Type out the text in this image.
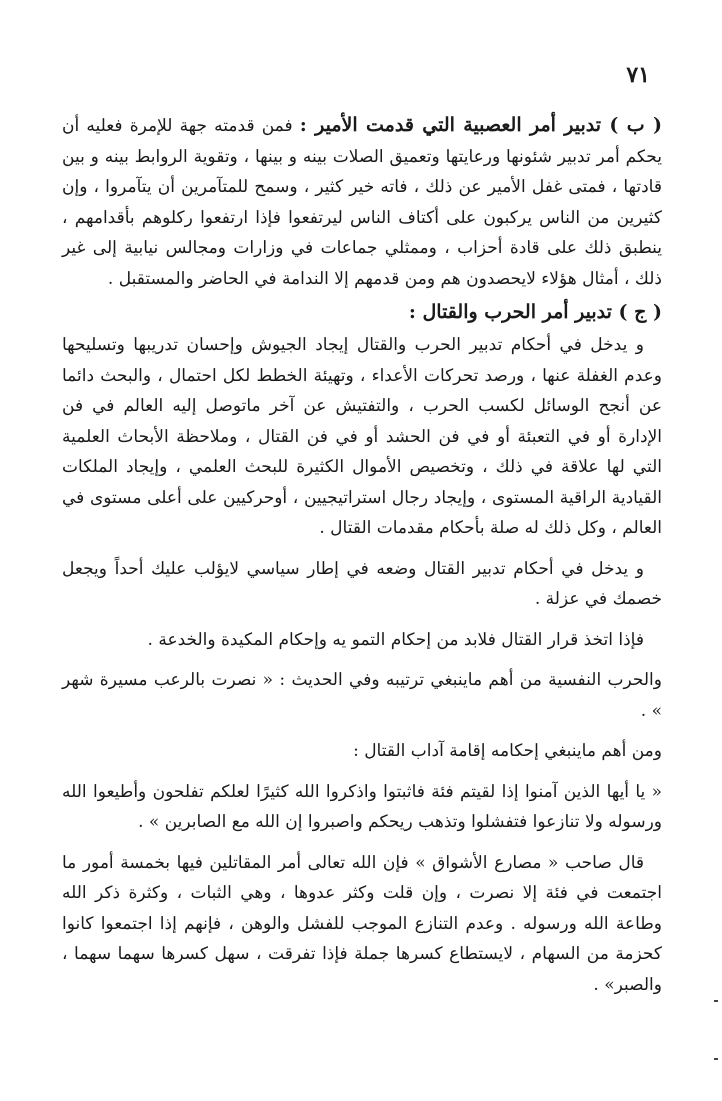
٧١

( ب ) تدبير أمر العصبية التي قدمت الأمير : فمن قدمته جهة للإمرة فعليه أن يحكم أمر تدبير شئونها ورعايتها وتعميق الصلات بينه و بينها ، وتقوية الروابط بينه و بين قادتها ، فمتى غفل الأمير عن ذلك ، فاته خير كثير ، وسمح للمتآمرين أن يتآمروا ، وإن كثيرين من الناس يركبون على أكتاف الناس ليرتفعوا فإذا ارتفعوا ركلوهم بأقدامهم ، ينطبق ذلك على قادة أحزاب ، وممثلي جماعات في وزارات ومجالس نيابية إلى غير ذلك ، أمثال هؤلاء لايحصدون هم ومن قدمهم إلا الندامة في الحاضر والمستقبل .

( ج ) تدبير أمر الحرب والقتال :

و يدخل في أحكام تدبير الحرب والقتال إيجاد الجيوش وإحسان تدريبها وتسليحها وعدم الغفلة عنها ، ورصد تحركات الأعداء ، وتهيئة الخطط لكل احتمال ، والبحث دائما عن أنجح الوسائل لكسب الحرب ، والتفتيش عن آخر ماتوصل إليه العالم في فن الإدارة أو في التعبئة أو في فن الحشد أو في فن القتال ، وملاحظة الأبحاث العلمية التي لها علاقة في ذلك ، وتخصيص الأموال الكثيرة للبحث العلمي ، وإيجاد الملكات القيادية الراقية المستوى ، وإيجاد رجال استراتيجيين ، أوحركيين على أعلى مستوى في العالم ، وكل ذلك له صلة بأحكام مقدمات القتال .

و يدخل في أحكام تدبير القتال وضعه في إطار سياسي لايؤلب عليك أحداً ويجعل خصمك في عزلة .

فإذا اتخذ قرار القتال فلابد من إحكام التمو يه وإحكام المكيدة والخدعة .

والحرب النفسية من أهم ماينبغي ترتيبه وفي الحديث : « نصرت بالرعب مسيرة شهر » .

ومن أهم ماينبغي إحكامه إقامة آداب القتال :

« يا أيها الذين آمنوا إذا لقيتم فئة فاثبتوا واذكروا الله كثيرًا لعلكم تفلحون وأطيعوا الله ورسوله ولا تنازعوا فتفشلوا وتذهب ريحكم واصبروا إن الله مع الصابرين » .

قال صاحب « مصارع الأشواق » فإن الله تعالى أمر المقاتلين فيها بخمسة أمور ما اجتمعت في فئة إلا نصرت ، وإن قلت وكثر عدوها ، وهي الثبات ، وكثرة ذكر الله وطاعة الله ورسوله . وعدم التنازع الموجب للفشل والوهن ، فإنهم إذا اجتمعوا كانوا كحزمة من السهام ، لايستطاع كسرها جملة فإذا تفرقت ، سهل كسرها سهما سهما ، والصبر» .
